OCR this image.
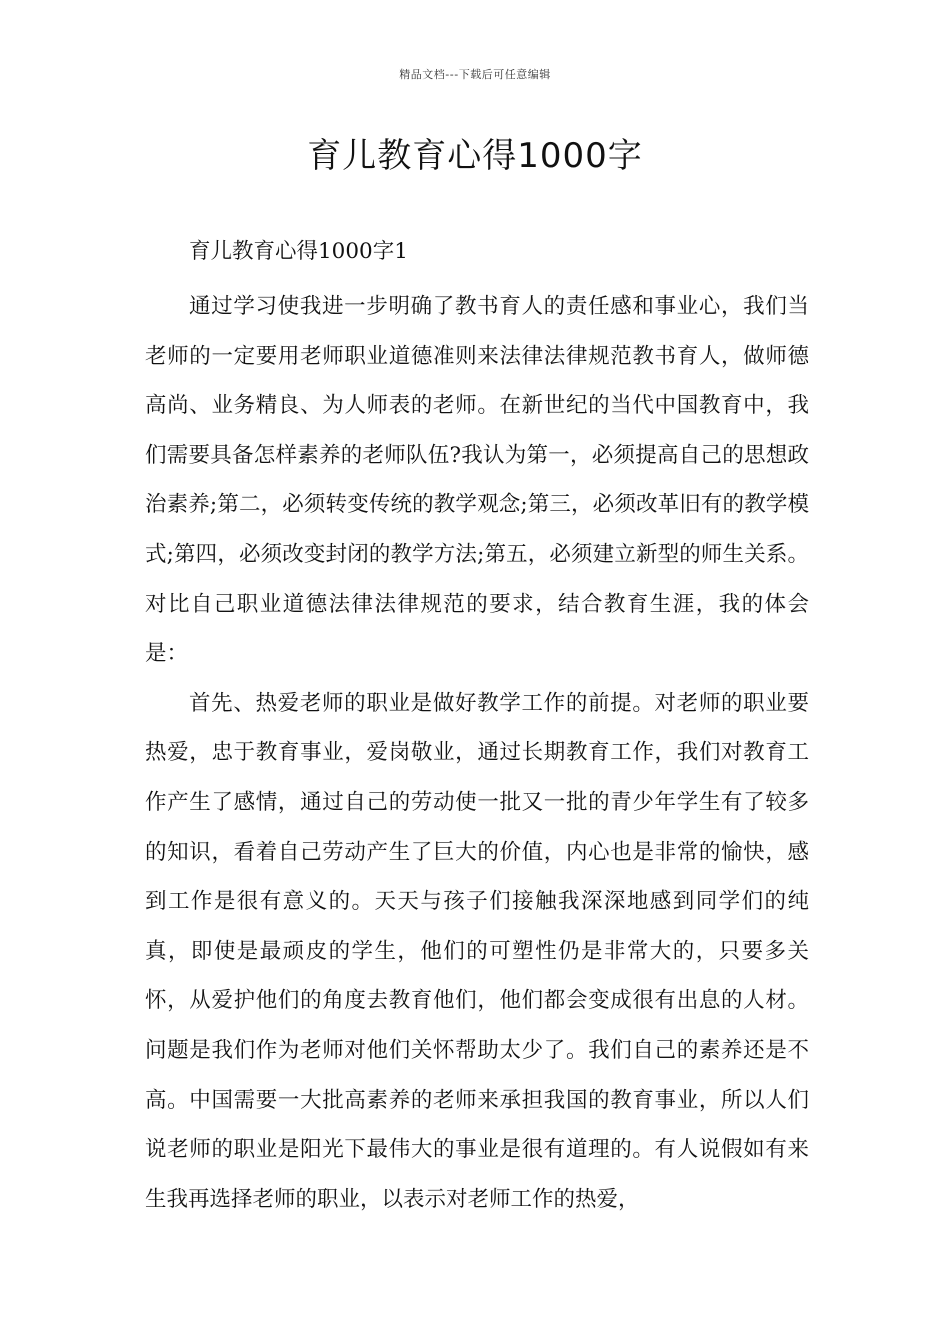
精品文档---下载后可任意编辑
育儿教育心得1000字

育儿教育心得1000字1

通过学习使我进一步明确了教书育人的责任感和事业心，我们当老师的一定要用老师职业道德准则来法律法律规范教书育人，做师德高尚、业务精良、为人师表的老师。在新世纪的当代中国教育中，我们需要具备怎样素养的老师队伍?我认为第一，必须提高自己的思想政治素养;第二，必须转变传统的教学观念;第三，必须改革旧有的教学模式;第四，必须改变封闭的教学方法;第五，必须建立新型的师生关系。对比自己职业道德法律法律规范的要求，结合教育生涯，我的体会是：

首先、热爱老师的职业是做好教学工作的前提。对老师的职业要热爱，忠于教育事业，爱岗敬业，通过长期教育工作，我们对教育工作产生了感情，通过自己的劳动使一批又一批的青少年学生有了较多的知识，看着自己劳动产生了巨大的价值，内心也是非常的愉快，感到工作是很有意义的。天天与孩子们接触我深深地感到同学们的纯真，即使是最顽皮的学生，他们的可塑性仍是非常大的，只要多关怀，从爱护他们的角度去教育他们，他们都会变成很有出息的人材。问题是我们作为老师对他们关怀帮助太少了。我们自己的素养还是不高。中国需要一大批高素养的老师来承担我国的教育事业，所以人们说老师的职业是阳光下最伟大的事业是很有道理的。有人说假如有来生我再选择老师的职业，以表示对老师工作的热爱，
